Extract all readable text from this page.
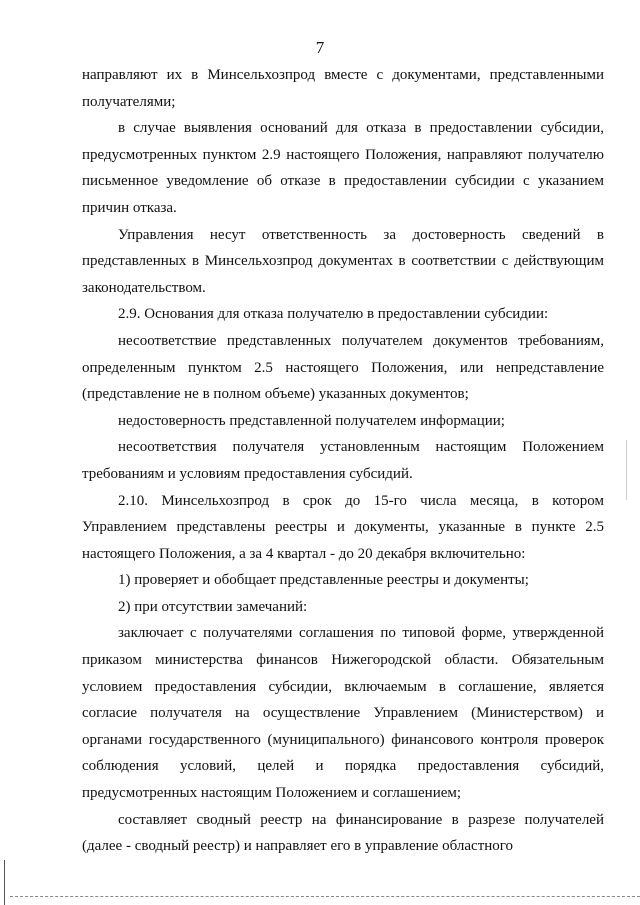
7

направляют их в Минсельхозпрод вместе с документами, представленными получателями;

в случае выявления оснований для отказа в предоставлении субсидии, предусмотренных пунктом 2.9 настоящего Положения, направляют получателю письменное уведомление об отказе в предоставлении субсидии с указанием причин отказа.

Управления несут ответственность за достоверность сведений в представленных в Минсельхозпрод документах в соответствии с действующим законодательством.

2.9. Основания для отказа получателю в предоставлении субсидии:

несоответствие представленных получателем документов требованиям, определенным пунктом 2.5 настоящего Положения, или непредставление (представление не в полном объеме) указанных документов;

недостоверность представленной получателем информации;

несоответствия получателя установленным настоящим Положением требованиям и условиям предоставления субсидий.

2.10. Минсельхозпрод в срок до 15-го числа месяца, в котором Управлением представлены реестры и документы, указанные в пункте 2.5 настоящего Положения, а за 4 квартал - до 20 декабря включительно:

1) проверяет и обобщает представленные реестры и документы;

2) при отсутствии замечаний:

заключает с получателями соглашения по типовой форме, утвержденной приказом министерства финансов Нижегородской области. Обязательным условием предоставления субсидии, включаемым в соглашение, является согласие получателя на осуществление Управлением (Министерством) и органами государственного (муниципального) финансового контроля проверок соблюдения условий, целей и порядка предоставления субсидий, предусмотренных настоящим Положением и соглашением;

составляет сводный реестр на финансирование в разрезе получателей (далее - сводный реестр) и направляет его в управление областного
